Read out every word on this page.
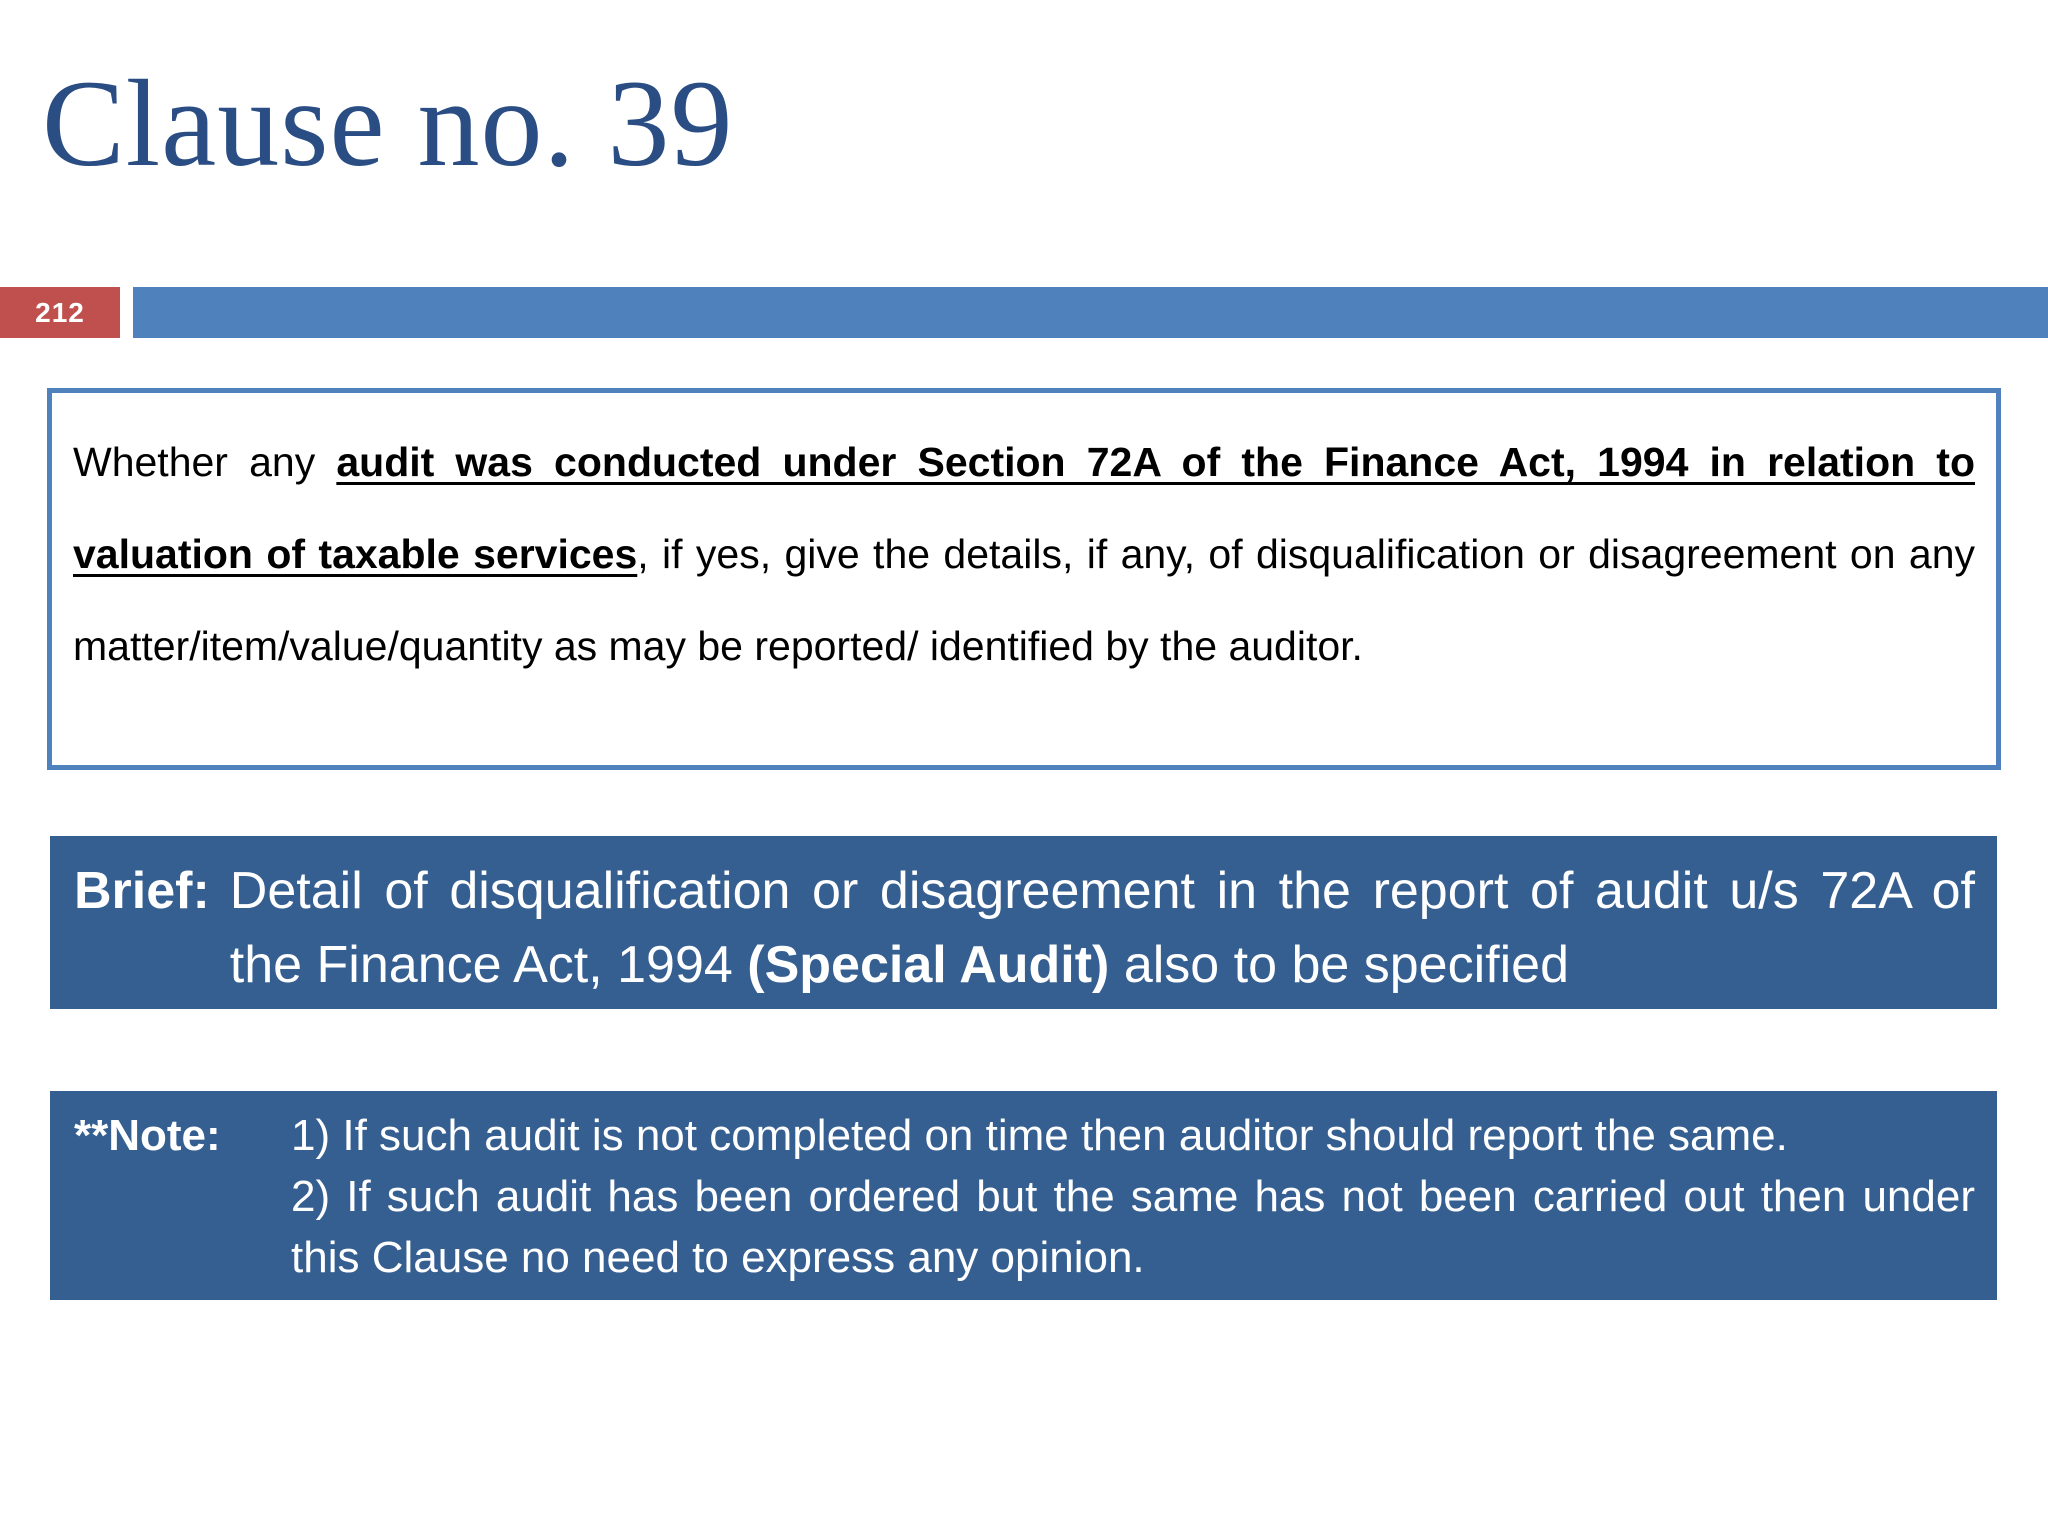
Clause no. 39
212

Whether any audit was conducted under Section 72A of the Finance Act, 1994 in relation to valuation of taxable services, if yes, give the details, if any, of disqualification or disagreement on any matter/item/value/quantity as may be reported/ identified by the auditor.

Brief: Detail of disqualification or disagreement in the report of audit u/s 72A of the Finance Act, 1994 (Special Audit) also to be specified
**Note:	1) If such audit is not completed on time then auditor should report the same.
2) If such audit has been ordered but the same has not been carried out then under this Clause no need to express any opinion.
